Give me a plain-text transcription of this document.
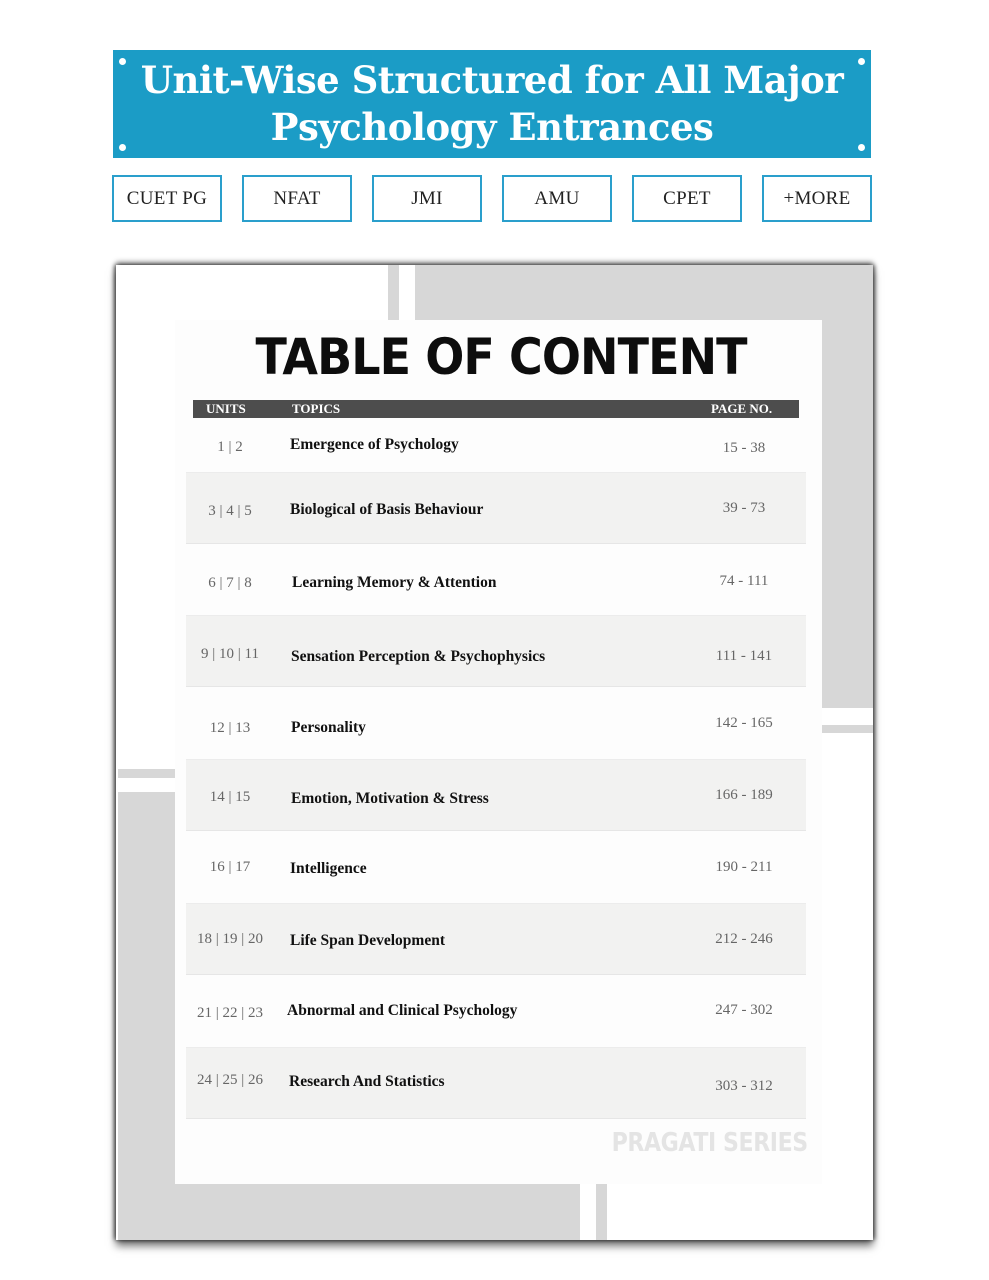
Unit-Wise Structured for All Major
Psychology Entrances
CUET PG	NFAT	JMI	AMU	CPET	+MORE
TABLE OF CONTENT
UNITS	TOPICS	PAGE NO.
1 | 2	Emergence of Psychology	15 - 38
3 | 4 | 5	Biological of Basis Behaviour	39 - 73
6 | 7 | 8	Learning Memory & Attention	74 - 111
9 | 10 | 11	Sensation Perception & Psychophysics	111 - 141
12 | 13	Personality	142 - 165
14 | 15	Emotion, Motivation & Stress	166 - 189
16 | 17	Intelligence	190 - 211
18 | 19 | 20	Life Span Development	212 - 246
21 | 22 | 23	Abnormal and Clinical Psychology	247 - 302
24 | 25 | 26	Research And Statistics	303 - 312
PRAGATI SERIES
